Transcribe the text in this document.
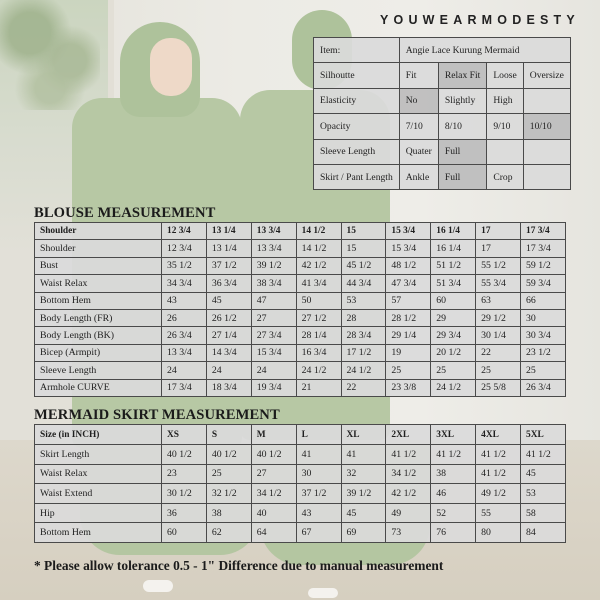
YOUWEARMODESTY
Item:	Angie Lace Kurung Mermaid			
Silhoutte	Fit	Relax Fit	Loose	Oversize
Elasticity	No	Slightly	High	
Opacity	7/10	8/10	9/10	10/10
Sleeve Length	Quater	Full		
Skirt / Pant Length	Ankle	Full	Crop	
BLOUSE MEASUREMENT
Shoulder	12 3/4	13 1/4	13 3/4	14 1/2	15	15 3/4	16 1/4	17	17 3/4
Shoulder	12 3/4	13 1/4	13 3/4	14 1/2	15	15 3/4	16 1/4	17	17 3/4
Bust	35 1/2	37 1/2	39 1/2	42 1/2	45 1/2	48 1/2	51 1/2	55 1/2	59 1/2
Waist Relax	34 3/4	36 3/4	38 3/4	41 3/4	44 3/4	47 3/4	51 3/4	55 3/4	59 3/4
Bottom Hem	43	45	47	50	53	57	60	63	66
Body Length (FR)	26	26 1/2	27	27 1/2	28	28 1/2	29	29 1/2	30
Body Length (BK)	26 3/4	27 1/4	27 3/4	28 1/4	28 3/4	29 1/4	29 3/4	30 1/4	30 3/4
Bicep (Armpit)	13 3/4	14 3/4	15 3/4	16 3/4	17 1/2	19	20 1/2	22	23 1/2
Sleeve Length	24	24	24	24 1/2	24 1/2	25	25	25	25
Armhole CURVE	17 3/4	18 3/4	19 3/4	21	22	23 3/8	24 1/2	25 5/8	26 3/4
MERMAID SKIRT MEASUREMENT
Size (in INCH)	XS	S	M	L	XL	2XL	3XL	4XL	5XL
Skirt Length	40 1/2	40 1/2	40 1/2	41	41	41 1/2	41 1/2	41 1/2	41 1/2
Waist Relax	23	25	27	30	32	34 1/2	38	41 1/2	45
Waist Extend	30 1/2	32 1/2	34 1/2	37 1/2	39 1/2	42 1/2	46	49 1/2	53
Hip	36	38	40	43	45	49	52	55	58
Bottom Hem	60	62	64	67	69	73	76	80	84
* Please allow tolerance 0.5 - 1" Difference due to manual measurement
